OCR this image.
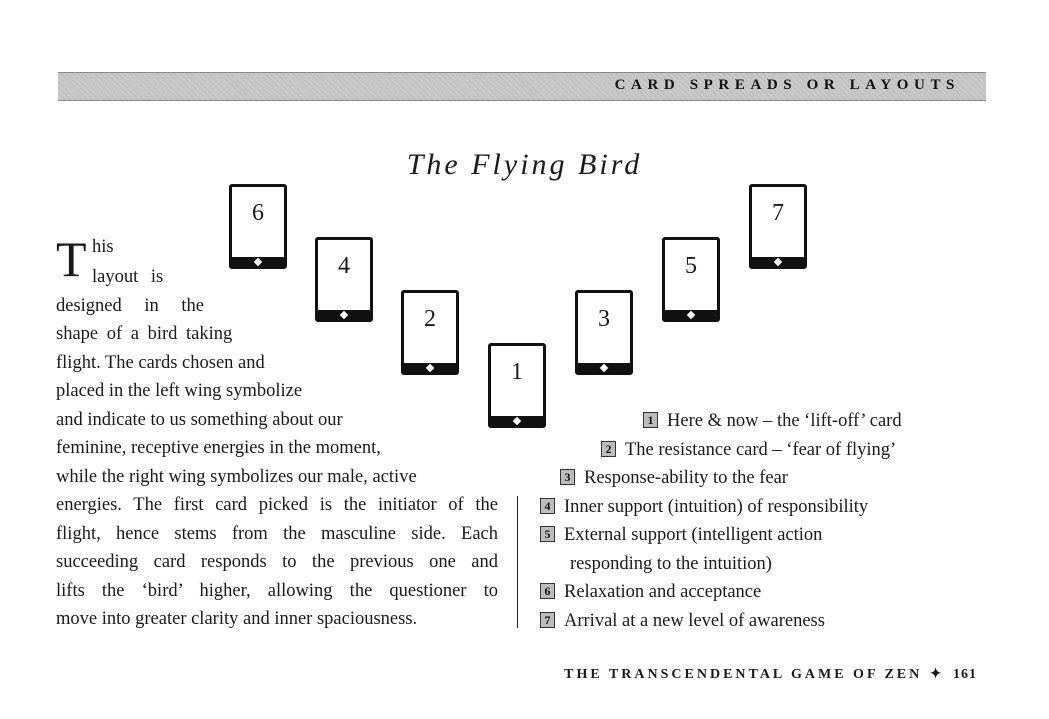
CARD SPREADS OR LAYOUTS
The Flying Bird
6
4
2
1
3
5
7
T his
layout is
designed in the
shape of a bird taking
flight. The cards chosen and
placed in the left wing symbolize
and indicate to us something about our
feminine, receptive energies in the moment,
while the right wing symbolizes our male, active
energies. The first card picked is the initiator of the
flight, hence stems from the masculine side. Each
succeeding card responds to the previous one and
lifts the ‘bird’ higher, allowing the questioner to
move into greater clarity and inner spaciousness.
1 Here & now – the ‘lift-off’ card
2 The resistance card – ‘fear of flying’
3 Response-ability to the fear
4 Inner support (intuition) of responsibility
5 External support (intelligent action
responding to the intuition)
6 Relaxation and acceptance
7 Arrival at a new level of awareness
THE TRANSCENDENTAL GAME OF ZEN ✦ 161
